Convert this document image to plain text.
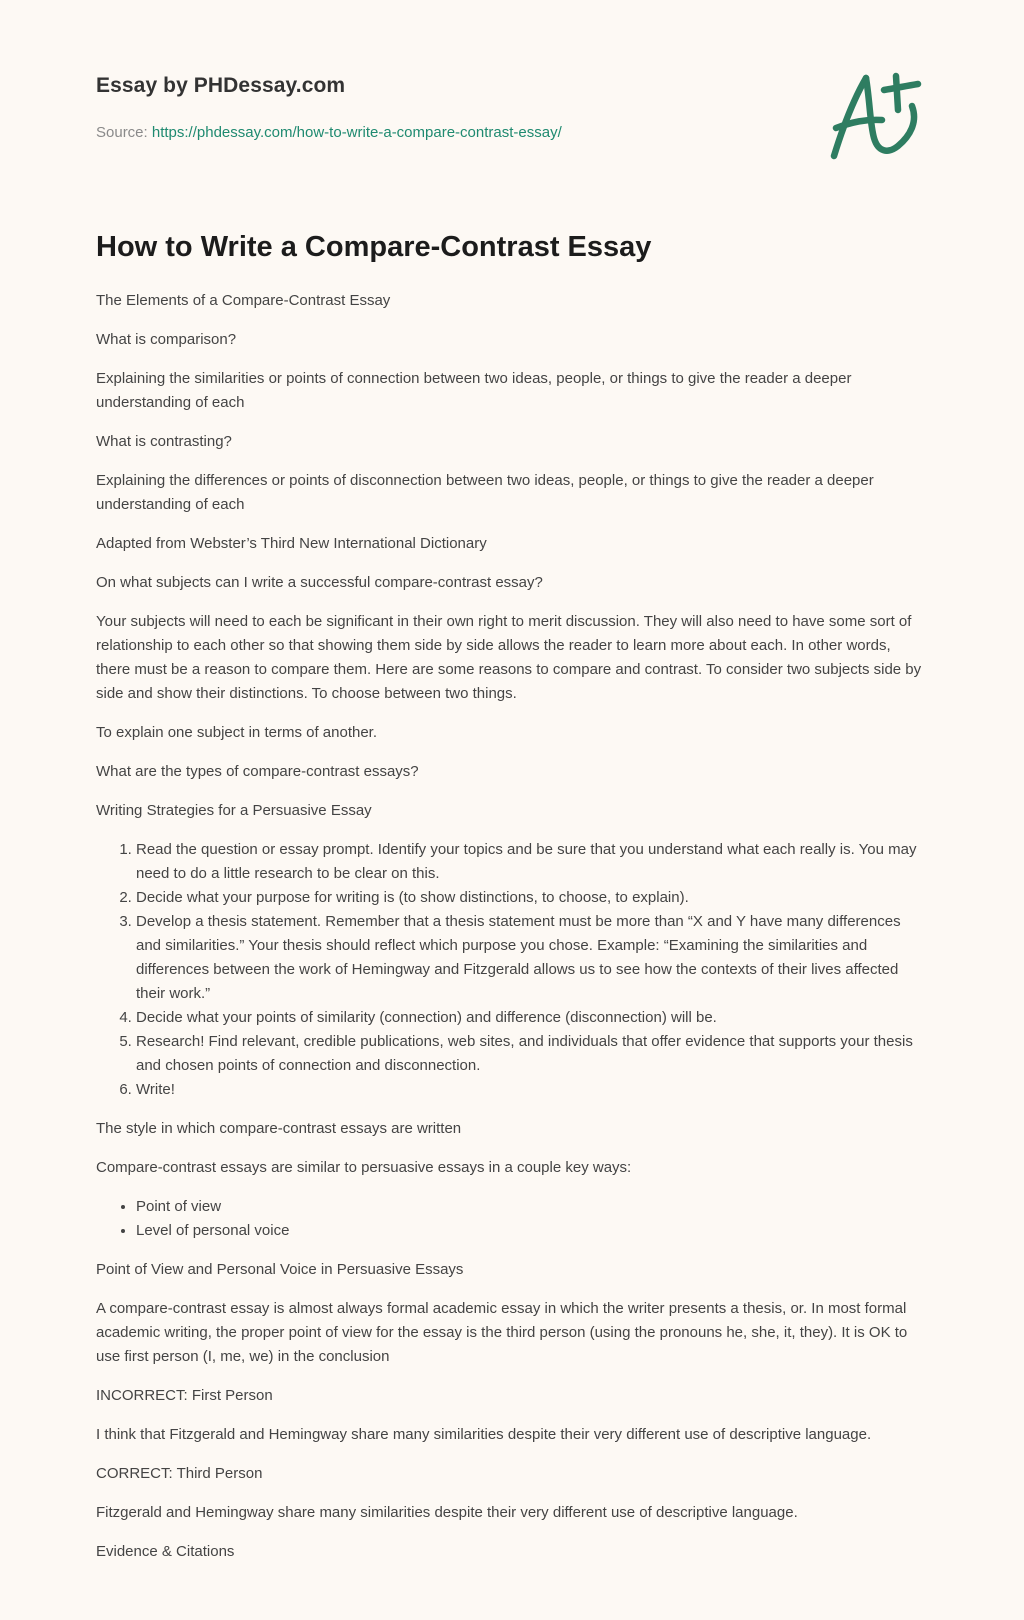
Essay by PHDessay.com

Source: https://phdessay.com/how-to-write-a-compare-contrast-essay/

How to Write a Compare-Contrast Essay

The Elements of a Compare-Contrast Essay

What is comparison?

Explaining the similarities or points of connection between two ideas, people, or things to give the reader a deeper understanding of each

What is contrasting?

Explaining the differences or points of disconnection between two ideas, people, or things to give the reader a deeper understanding of each

Adapted from Webster’s Third New International Dictionary

On what subjects can I write a successful compare-contrast essay?

Your subjects will need to each be significant in their own right to merit discussion. They will also need to have some sort of relationship to each other so that showing them side by side allows the reader to learn more about each. In other words, there must be a reason to compare them. Here are some reasons to compare and contrast. To consider two subjects side by side and show their distinctions. To choose between two things.

To explain one subject in terms of another.

What are the types of compare-contrast essays?

Writing Strategies for a Persuasive Essay

1. Read the question or essay prompt. Identify your topics and be sure that you understand what each really is. You may need to do a little research to be clear on this.
2. Decide what your purpose for writing is (to show distinctions, to choose, to explain).
3. Develop a thesis statement. Remember that a thesis statement must be more than “X and Y have many differences and similarities.” Your thesis should reflect which purpose you chose. Example: “Examining the similarities and differences between the work of Hemingway and Fitzgerald allows us to see how the contexts of their lives affected their work.”
4. Decide what your points of similarity (connection) and difference (disconnection) will be.
5. Research! Find relevant, credible publications, web sites, and individuals that offer evidence that supports your thesis and chosen points of connection and disconnection.
6. Write!

The style in which compare-contrast essays are written

Compare-contrast essays are similar to persuasive essays in a couple key ways:

• Point of view
• Level of personal voice

Point of View and Personal Voice in Persuasive Essays

A compare-contrast essay is almost always formal academic essay in which the writer presents a thesis, or. In most formal academic writing, the proper point of view for the essay is the third person (using the pronouns he, she, it, they). It is OK to use first person (I, me, we) in the conclusion

INCORRECT: First Person

I think that Fitzgerald and Hemingway share many similarities despite their very different use of descriptive language.

CORRECT: Third Person

Fitzgerald and Hemingway share many similarities despite their very different use of descriptive language.

Evidence & Citations
